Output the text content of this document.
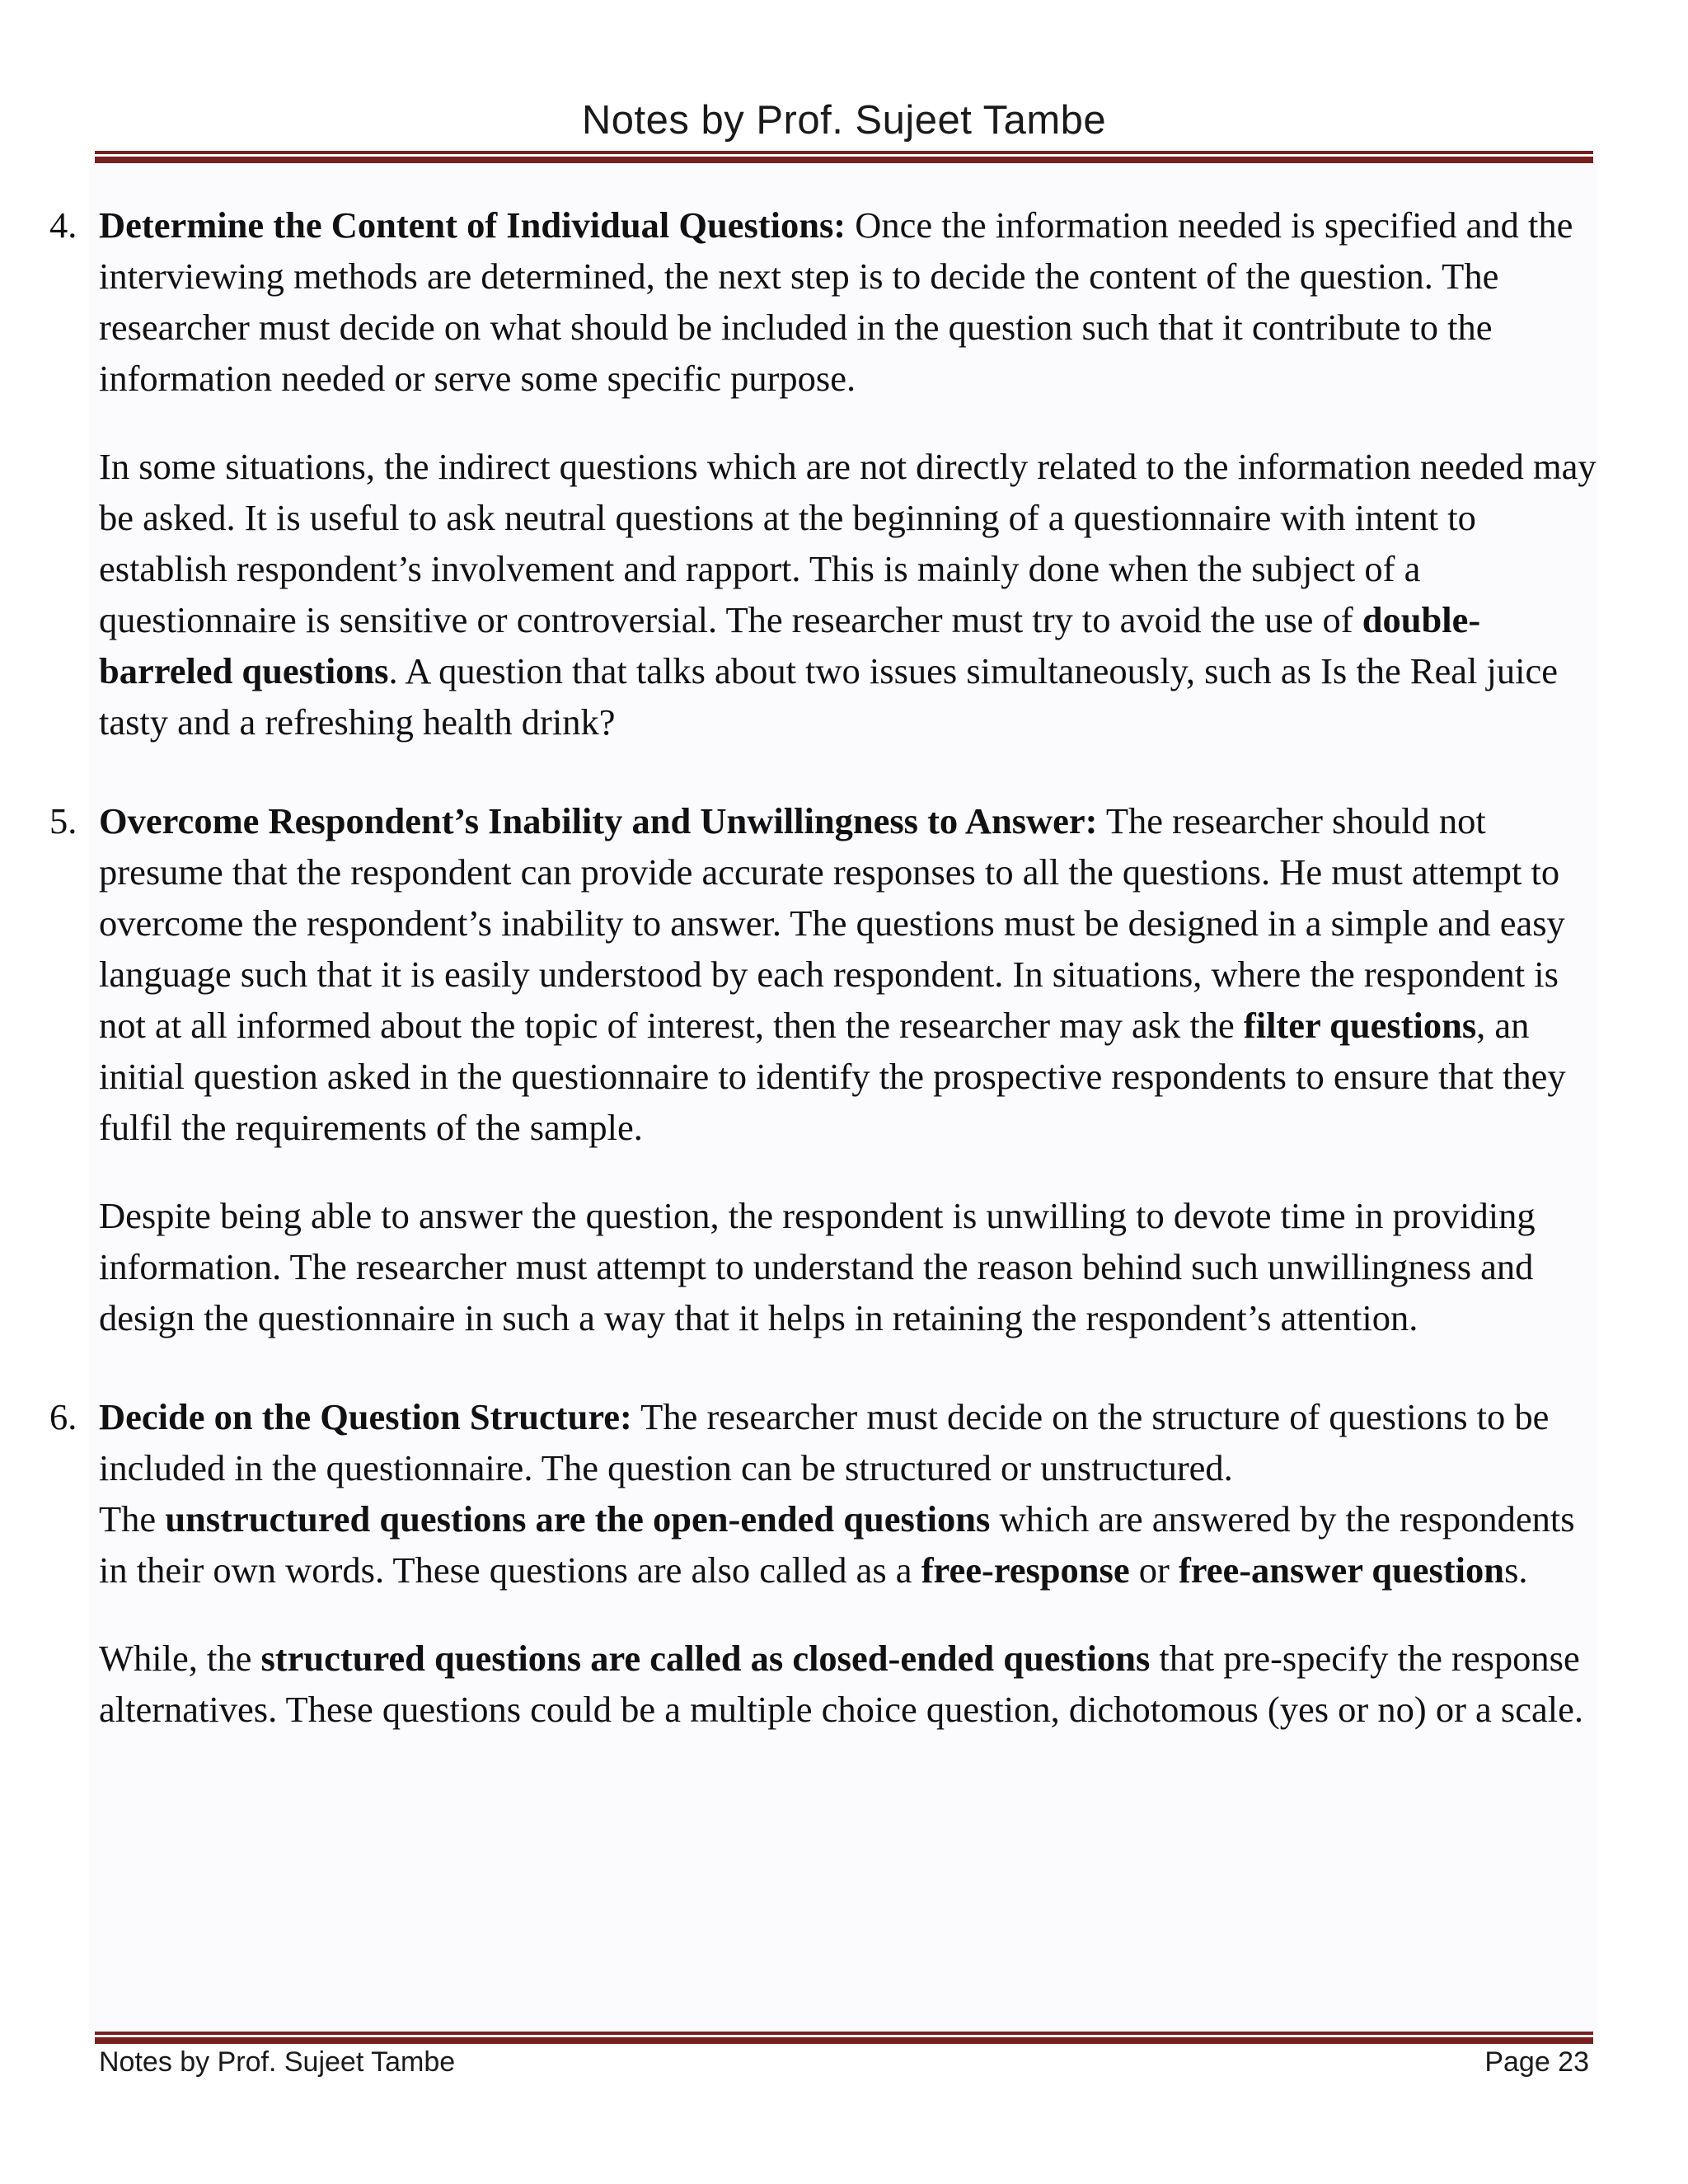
Notes by Prof. Sujeet Tambe
4. Determine the Content of Individual Questions: Once the information needed is specified and the interviewing methods are determined, the next step is to decide the content of the question. The researcher must decide on what should be included in the question such that it contribute to the information needed or serve some specific purpose.

In some situations, the indirect questions which are not directly related to the information needed may be asked. It is useful to ask neutral questions at the beginning of a questionnaire with intent to establish respondent’s involvement and rapport. This is mainly done when the subject of a questionnaire is sensitive or controversial. The researcher must try to avoid the use of double-barreled questions. A question that talks about two issues simultaneously, such as Is the Real juice tasty and a refreshing health drink?

5. Overcome Respondent’s Inability and Unwillingness to Answer: The researcher should not presume that the respondent can provide accurate responses to all the questions. He must attempt to overcome the respondent’s inability to answer. The questions must be designed in a simple and easy language such that it is easily understood by each respondent. In situations, where the respondent is not at all informed about the topic of interest, then the researcher may ask the filter questions, an initial question asked in the questionnaire to identify the prospective respondents to ensure that they fulfil the requirements of the sample.

Despite being able to answer the question, the respondent is unwilling to devote time in providing information. The researcher must attempt to understand the reason behind such unwillingness and design the questionnaire in such a way that it helps in retaining the respondent’s attention.

6. Decide on the Question Structure: The researcher must decide on the structure of questions to be included in the questionnaire. The question can be structured or unstructured.
The unstructured questions are the open-ended questions which are answered by the respondents in their own words. These questions are also called as a free-response or free-answer questions.

While, the structured questions are called as closed-ended questions that pre-specify the response alternatives. These questions could be a multiple choice question, dichotomous (yes or no) or a scale.

Notes by Prof. Sujeet Tambe	Page 23
